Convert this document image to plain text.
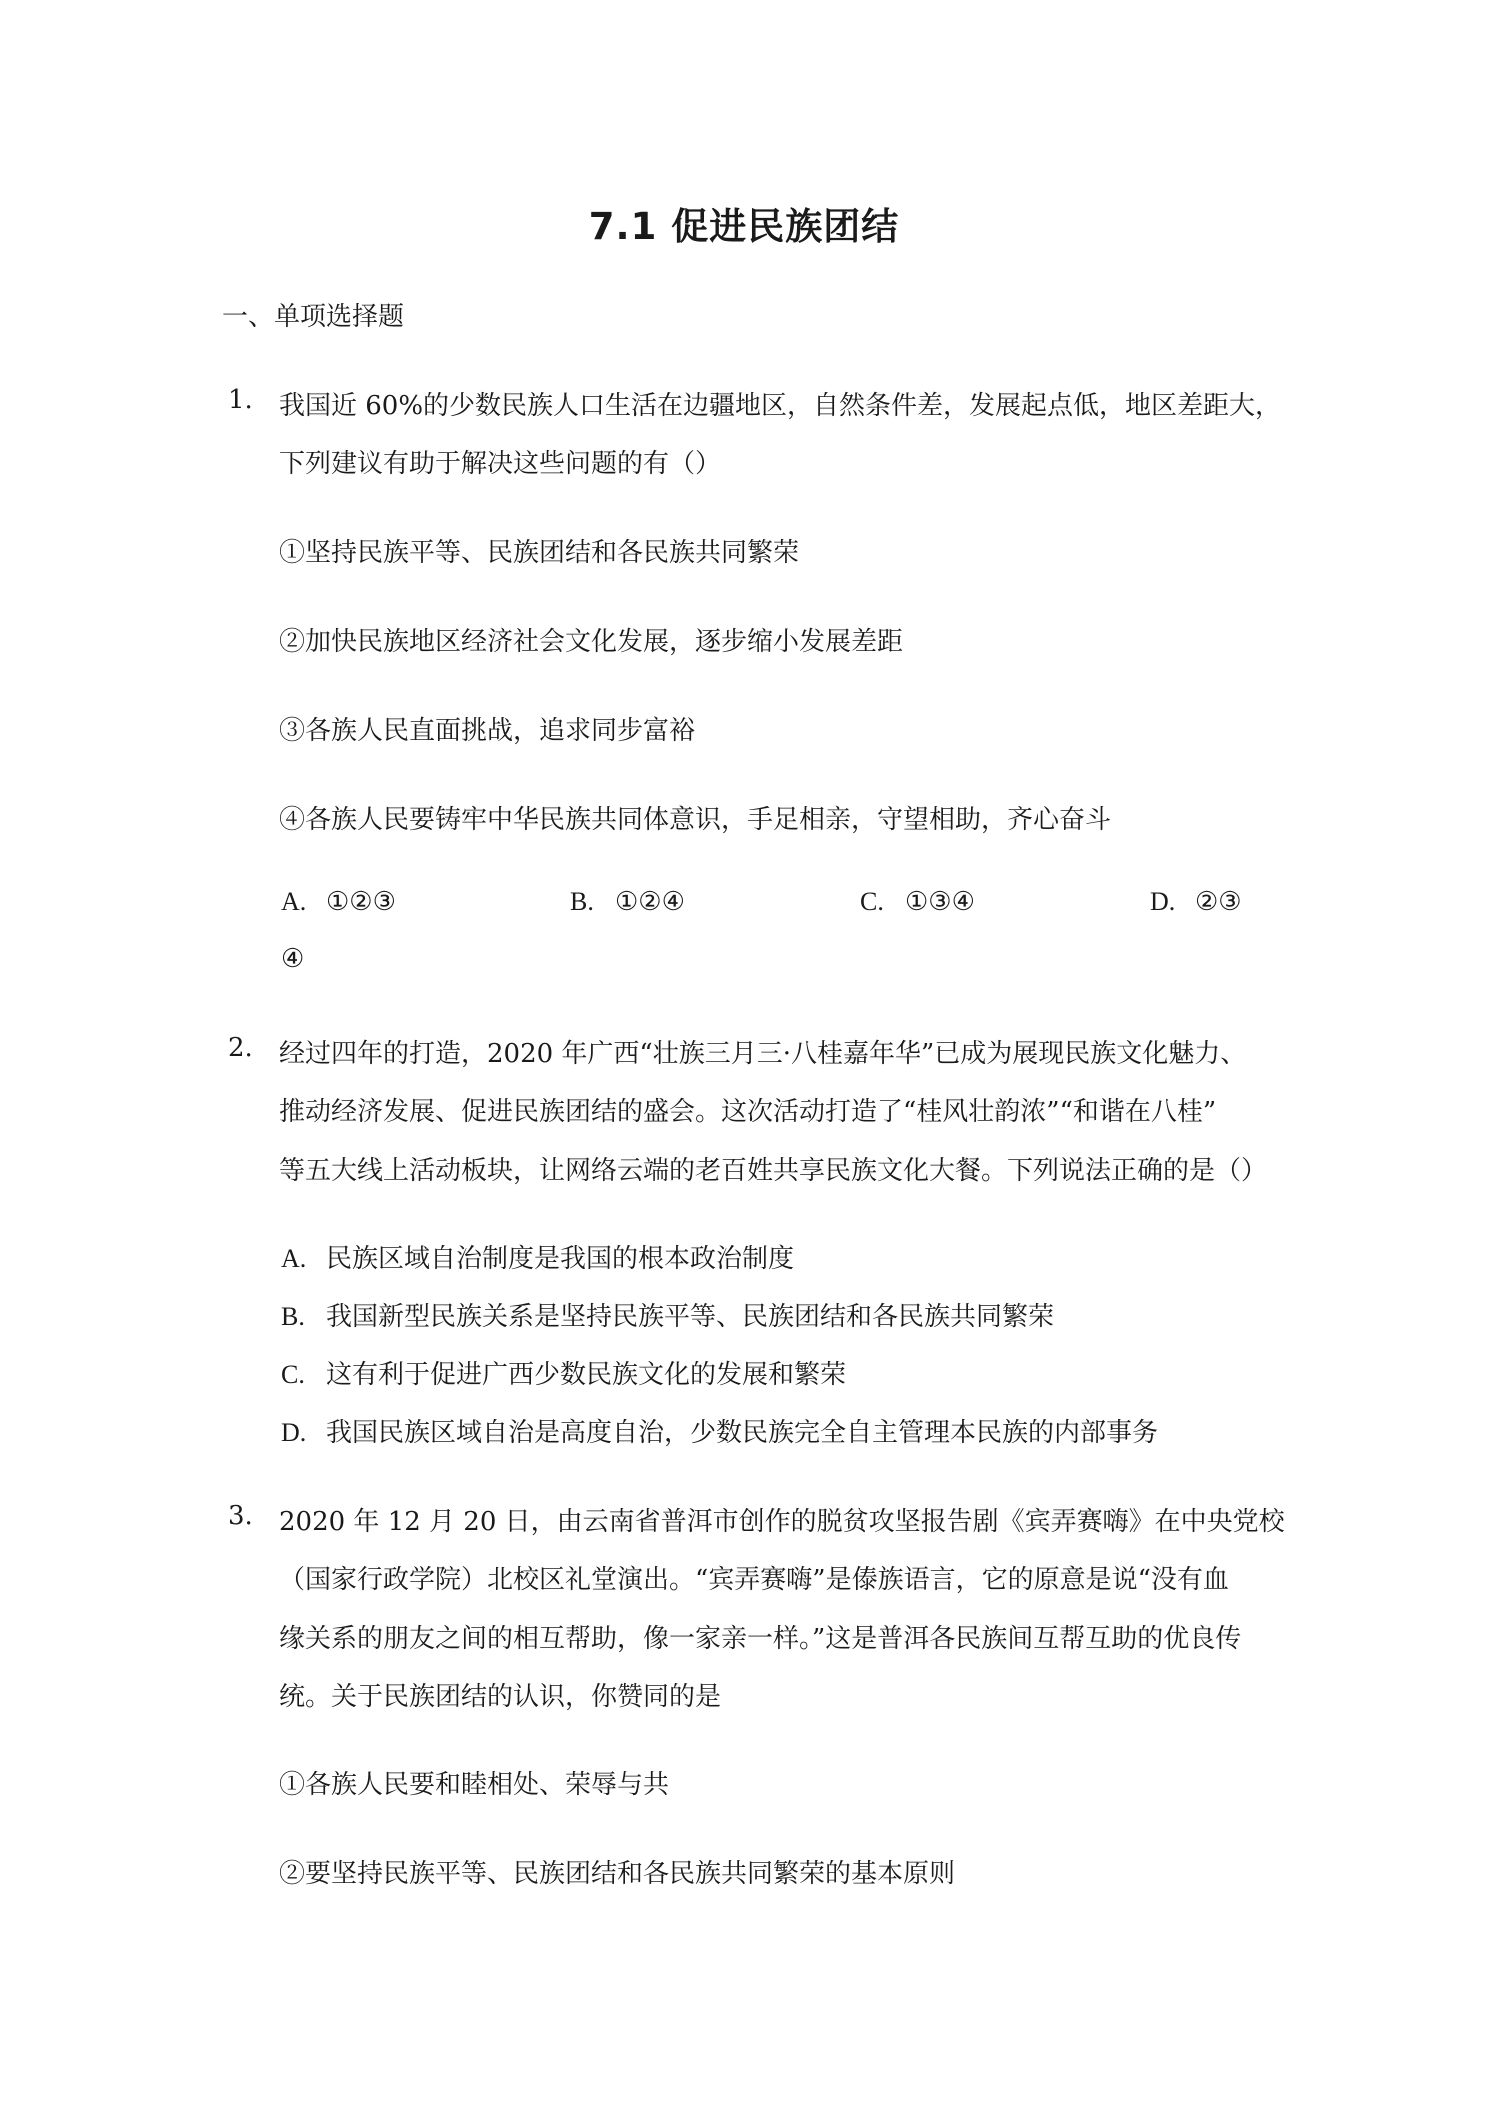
7.1 促进民族团结
一、单项选择题
1. 我国近 60%的少数民族人口生活在边疆地区，自然条件差，发展起点低，地区差距大，
下列建议有助于解决这些问题的有（）
①坚持民族平等、民族团结和各民族共同繁荣
②加快民族地区经济社会文化发展，逐步缩小发展差距
③各族人民直面挑战，追求同步富裕
④各族人民要铸牢中华民族共同体意识，手足相亲，守望相助，齐心奋斗
A. ①②③	B. ①②④	C. ①③④	D. ②③
④
2. 经过四年的打造，2020 年广西“壮族三月三·八桂嘉年华”已成为展现民族文化魅力、
推动经济发展、促进民族团结的盛会。这次活动打造了“桂风壮韵浓”“和谐在八桂”
等五大线上活动板块，让网络云端的老百姓共享民族文化大餐。下列说法正确的是（）
A. 民族区域自治制度是我国的根本政治制度
B. 我国新型民族关系是坚持民族平等、民族团结和各民族共同繁荣
C. 这有利于促进广西少数民族文化的发展和繁荣
D. 我国民族区域自治是高度自治，少数民族完全自主管理本民族的内部事务
3. 2020 年 12 月 20 日，由云南省普洱市创作的脱贫攻坚报告剧《宾弄赛嗨》在中央党校
（国家行政学院）北校区礼堂演出。“宾弄赛嗨”是傣族语言，它的原意是说“没有血
缘关系的朋友之间的相互帮助，像一家亲一样。”这是普洱各民族间互帮互助的优良传
统。关于民族团结的认识，你赞同的是
①各族人民要和睦相处、荣辱与共
②要坚持民族平等、民族团结和各民族共同繁荣的基本原则
